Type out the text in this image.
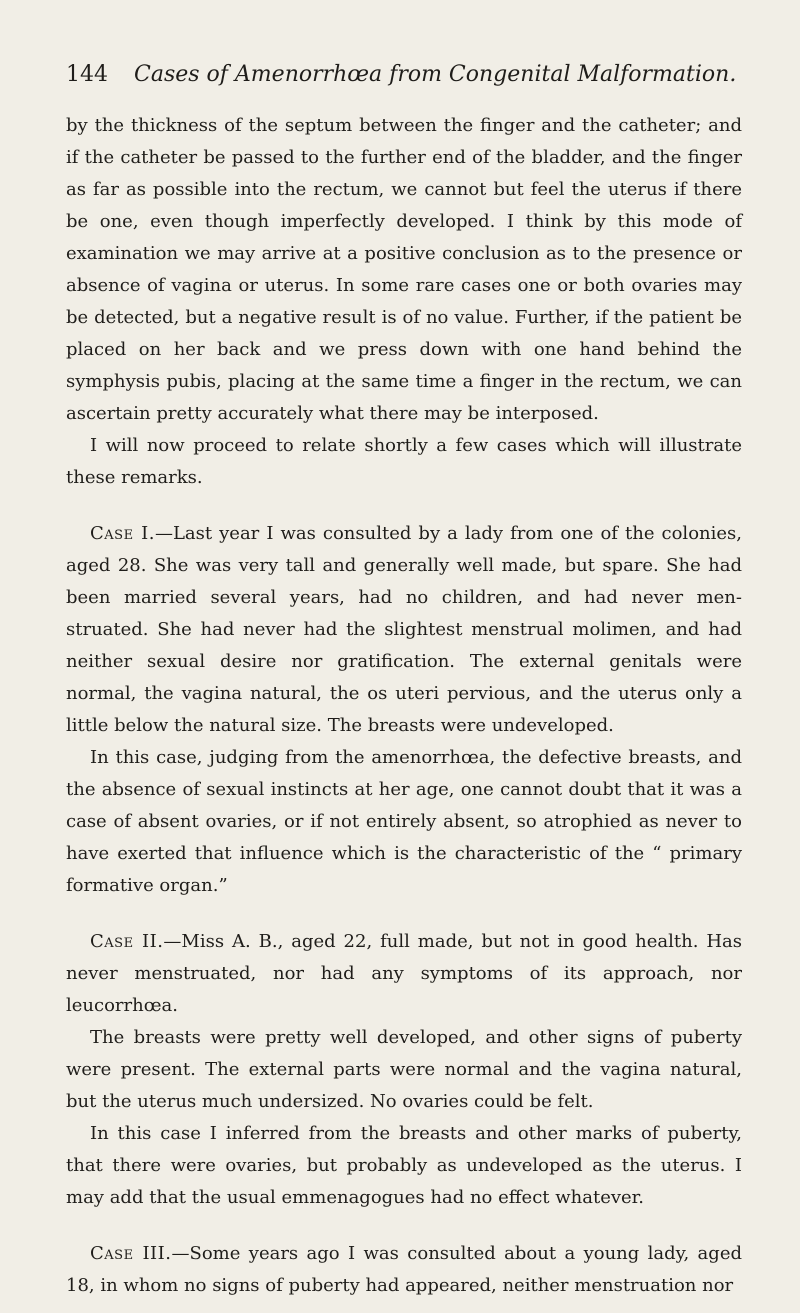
144 Cases of Amenorrhœa from Congenital Malformation.

by the thickness of the septum between the finger and the catheter; and if the catheter be passed to the further end of the bladder, and the finger as far as possible into the rectum, we cannot but feel the uterus if there be one, even though imperfectly developed. I think by this mode of examination we may arrive at a positive conclusion as to the presence or absence of vagina or uterus. In some rare cases one or both ovaries may be detected, but a negative result is of no value. Further, if the patient be placed on her back and we press down with one hand behind the symphysis pubis, placing at the same time a finger in the rectum, we can ascertain pretty accurately what there may be interposed.

I will now proceed to relate shortly a few cases which will illustrate these remarks.

Case I.—Last year I was consulted by a lady from one of the colonies, aged 28. She was very tall and generally well made, but spare. She had been married several years, had no children, and had never men-struated. She had never had the slightest menstrual molimen, and had neither sexual desire nor gratification. The external genitals were normal, the vagina natural, the os uteri pervious, and the uterus only a little below the natural size. The breasts were undeveloped.

In this case, judging from the amenorrhœa, the defective breasts, and the absence of sexual instincts at her age, one cannot doubt that it was a case of absent ovaries, or if not entirely absent, so atrophied as never to have exerted that influence which is the characteristic of the “ primary formative organ.”

Case II.—Miss A. B., aged 22, full made, but not in good health. Has never menstruated, nor had any symptoms of its approach, nor leucorrhœa.

The breasts were pretty well developed, and other signs of puberty were present. The external parts were normal and the vagina natural, but the uterus much undersized. No ovaries could be felt.

In this case I inferred from the breasts and other marks of puberty, that there were ovaries, but probably as undeveloped as the uterus. I may add that the usual emmenagogues had no effect whatever.

Case III.—Some years ago I was consulted about a young lady, aged 18, in whom no signs of puberty had appeared, neither menstruation nor
